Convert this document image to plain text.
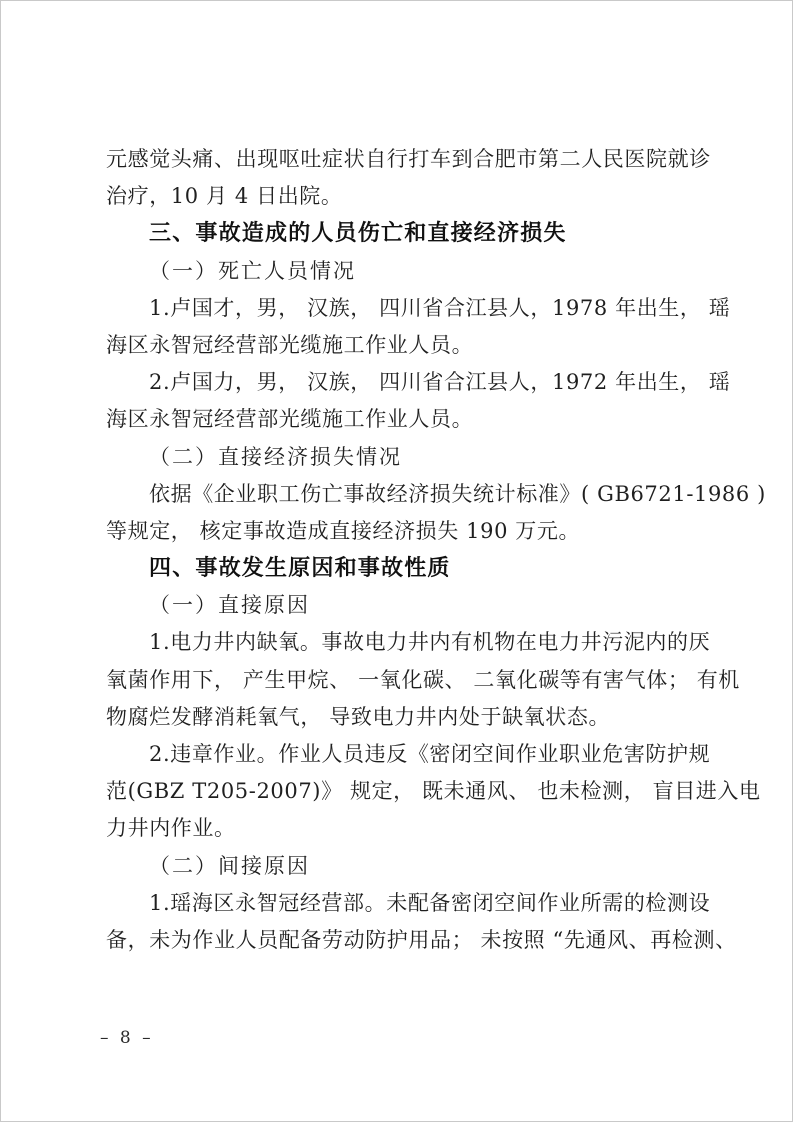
元感觉头痛、出现呕吐症状自行打车到合肥市第二人民医院就诊
治疗，10 月 4 日出院。
三、事故造成的人员伤亡和直接经济损失
（一）死亡人员情况
1.卢国才，男， 汉族， 四川省合江县人，1978 年出生， 瑶
海区永智冠经营部光缆施工作业人员。
2.卢国力，男， 汉族， 四川省合江县人，1972 年出生， 瑶
海区永智冠经营部光缆施工作业人员。
（二）直接经济损失情况
依据《企业职工伤亡事故经济损失统计标准》( GB6721-1986 )
等规定， 核定事故造成直接经济损失 190 万元。
四、事故发生原因和事故性质
（一）直接原因
1.电力井内缺氧。事故电力井内有机物在电力井污泥内的厌
氧菌作用下， 产生甲烷、 一氧化碳、 二氧化碳等有害气体； 有机
物腐烂发酵消耗氧气， 导致电力井内处于缺氧状态。
2.违章作业。作业人员违反《密闭空间作业职业危害防护规
范(GBZ T205-2007)》 规定， 既未通风、 也未检测， 盲目进入电
力井内作业。
（二）间接原因
1.瑶海区永智冠经营部。未配备密闭空间作业所需的检测设
备，未为作业人员配备劳动防护用品； 未按照 “先通风、再检测、
– 8 –
